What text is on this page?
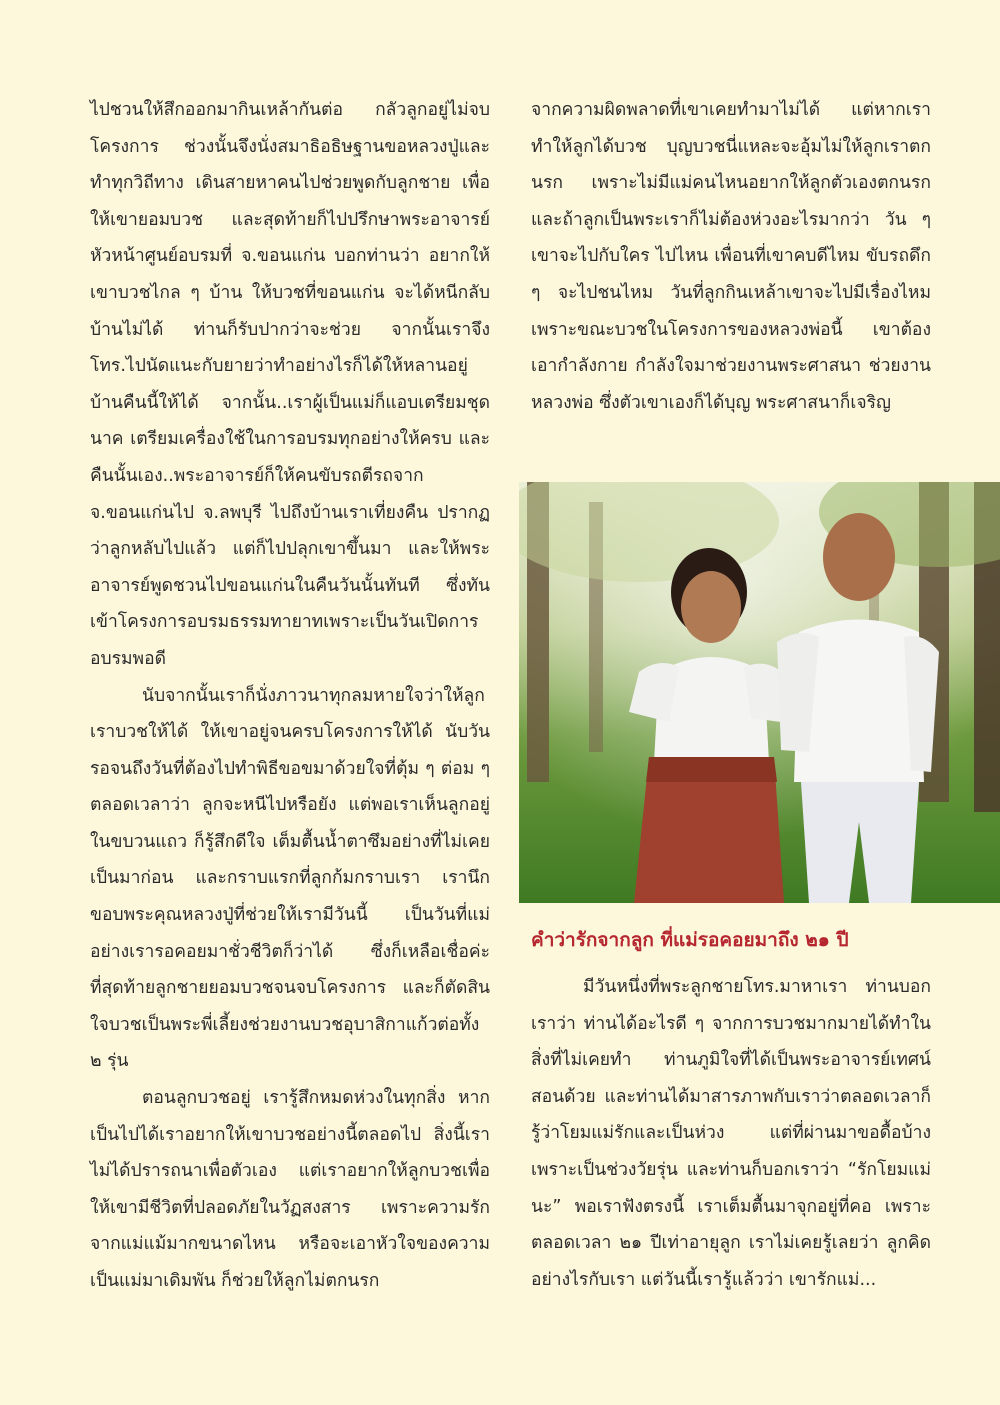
ไปชวนให้สึกออกมากินเหล้ากันต่อ กลัวลูกอยู่ไม่จบโครงการ ช่วงนั้นจึงนั่งสมาธิอธิษฐานขอหลวงปู่และทำทุกวิถีทาง เดินสายหาคนไปช่วยพูดกับลูกชาย เพื่อให้เขายอมบวช และสุดท้ายก็ไปปรึกษาพระอาจารย์หัวหน้าศูนย์อบรมที่ จ.ขอนแก่น บอกท่านว่า อยากให้เขาบวชไกล ๆ บ้าน ให้บวชที่ขอนแก่น จะได้หนีกลับบ้านไม่ได้ ท่านก็รับปากว่าจะช่วย จากนั้นเราจึงโทร.ไปนัดแนะกับยายว่าทำอย่างไรก็ได้ให้หลานอยู่บ้านคืนนี้ให้ได้ จากนั้น..เราผู้เป็นแม่ก็แอบเตรียมชุดนาค เตรียมเครื่องใช้ในการอบรมทุกอย่างให้ครบ และคืนนั้นเอง..พระอาจารย์ก็ให้คนขับรถตีรถจาก จ.ขอนแก่นไป จ.ลพบุรี ไปถึงบ้านเราเที่ยงคืน ปรากฏว่าลูกหลับไปแล้ว แต่ก็ไปปลุกเขาขึ้นมา และให้พระอาจารย์พูดชวนไปขอนแก่นในคืนวันนั้นทันที ซึ่งทันเข้าโครงการอบรมธรรมทายาทเพราะเป็นวันเปิดการอบรมพอดี

นับจากนั้นเราก็นั่งภาวนาทุกลมหายใจว่าให้ลูกเราบวชให้ได้ ให้เขาอยู่จนครบโครงการให้ได้ นับวันรอจนถึงวันที่ต้องไปทำพิธีขอขมาด้วยใจที่ตุ้ม ๆ ต่อม ๆ ตลอดเวลาว่า ลูกจะหนีไปหรือยัง แต่พอเราเห็นลูกอยู่ในขบวนแถว ก็รู้สึกดีใจ เต็มตื้นน้ำตาซึมอย่างที่ไม่เคยเป็นมาก่อน และกราบแรกที่ลูกก้มกราบเรา เรานึกขอบพระคุณหลวงปู่ที่ช่วยให้เรามีวันนี้ เป็นวันที่แม่อย่างเรารอคอยมาชั่วชีวิตก็ว่าได้ ซึ่งก็เหลือเชื่อค่ะ ที่สุดท้ายลูกชายยอมบวชจนจบโครงการ และก็ตัดสินใจบวชเป็นพระพี่เลี้ยงช่วยงานบวชอุบาสิกาแก้วต่อทั้ง ๒ รุ่น

ตอนลูกบวชอยู่ เรารู้สึกหมดห่วงในทุกสิ่ง หากเป็นไปได้เราอยากให้เขาบวชอย่างนี้ตลอดไป สิ่งนี้เราไม่ได้ปรารถนาเพื่อตัวเอง แต่เราอยากให้ลูกบวชเพื่อให้เขามีชีวิตที่ปลอดภัยในวัฏสงสาร เพราะความรักจากแม่แม้มากขนาดไหน หรือจะเอาหัวใจของความเป็นแม่มาเดิมพัน ก็ช่วยให้ลูกไม่ตกนรก

จากความผิดพลาดที่เขาเคยทำมาไม่ได้ แต่หากเราทำให้ลูกได้บวช บุญบวชนี่แหละจะอุ้มไม่ให้ลูกเราตกนรก เพราะไม่มีแม่คนไหนอยากให้ลูกตัวเองตกนรก และถ้าลูกเป็นพระเราก็ไม่ต้องห่วงอะไรมากว่า วัน ๆ เขาจะไปกับใคร ไปไหน เพื่อนที่เขาคบดีไหม ขับรถดึก ๆ จะไปชนไหม วันที่ลูกกินเหล้าเขาจะไปมีเรื่องไหม เพราะขณะบวชในโครงการของหลวงพ่อนี้ เขาต้องเอากำลังกาย กำลังใจมาช่วยงานพระศาสนา ช่วยงานหลวงพ่อ ซึ่งตัวเขาเองก็ได้บุญ พระศาสนาก็เจริญ

คำว่ารักจากลูก ที่แม่รอคอยมาถึง ๒๑ ปี

มีวันหนึ่งที่พระลูกชายโทร.มาหาเรา ท่านบอกเราว่า ท่านได้อะไรดี ๆ จากการบวชมากมายได้ทำในสิ่งที่ไม่เคยทำ ท่านภูมิใจที่ได้เป็นพระอาจารย์เทศน์สอนด้วย และท่านได้มาสารภาพกับเราว่าตลอดเวลาก็รู้ว่าโยมแม่รักและเป็นห่วง แต่ที่ผ่านมาขอดื้อบ้าง เพราะเป็นช่วงวัยรุ่น และท่านก็บอกเราว่า “รักโยมแม่นะ” พอเราฟังตรงนี้ เราเต็มตื้นมาจุกอยู่ที่คอ เพราะตลอดเวลา ๒๑ ปีเท่าอายุลูก เราไม่เคยรู้เลยว่า ลูกคิดอย่างไรกับเรา แต่วันนี้เรารู้แล้วว่า เขารักแม่...
